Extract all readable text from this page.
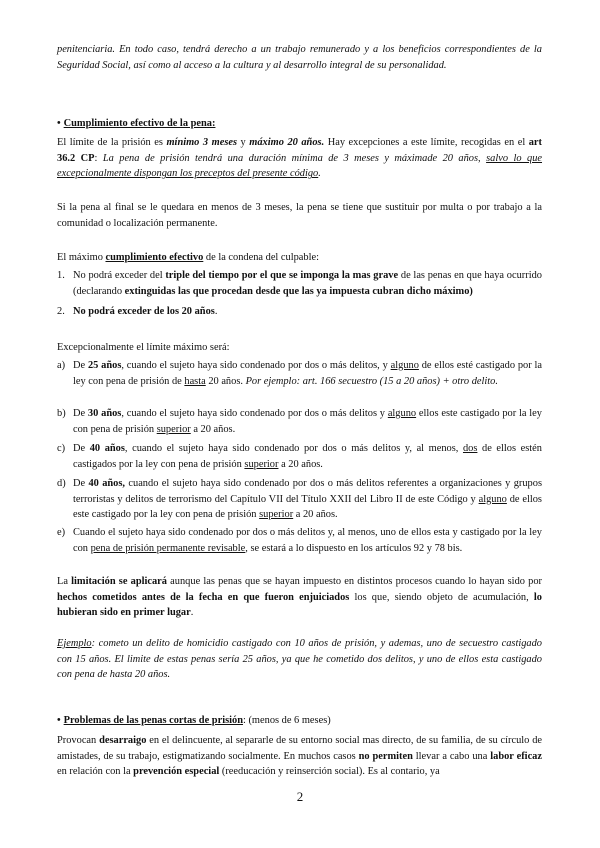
penitenciaria. En todo caso, tendrá derecho a un trabajo remunerado y a los beneficios correspondientes de la Seguridad Social, así como al acceso a la cultura y al desarrollo integral de su personalidad.

• Cumplimiento efectivo de la pena:

El límite de la prisión es mínimo 3 meses y máximo 20 años. Hay excepciones a este límite, recogidas en el art 36.2 CP: La pena de prisión tendrá una duración mínima de 3 meses y máximade 20 años, salvo lo que excepcionalmente dispongan los preceptos del presente código.

Si la pena al final se le quedara en menos de 3 meses, la pena se tiene que sustituir por multa o por trabajo a la comunidad o localización permanente.

El máximo cumplimiento efectivo de la condena del culpable:

1. No podrá exceder del triple del tiempo por el que se imponga la mas grave de las penas en que haya ocurrido (declarando extinguidas las que procedan desde que las ya impuesta cubran dicho máximo)
2. No podrá exceder de los 20 años.

Excepcionalmente el límite máximo será:

a) De 25 años, cuando el sujeto haya sido condenado por dos o más delitos, y alguno de ellos esté castigado por la ley con pena de prisión de hasta 20 años. Por ejemplo: art. 166 secuestro (15 a 20 años) + otro delito.
b) De 30 años, cuando el sujeto haya sido condenado por dos o más delitos y alguno ellos este castigado por la ley con pena de prisión superior a 20 años.
c) De 40 años, cuando el sujeto haya sido condenado por dos o más delitos y, al menos, dos de ellos estén castigados por la ley con pena de prisión superior a 20 años.
d) De 40 años, cuando el sujeto haya sido condenado por dos o más delitos referentes a organizaciones y grupos terroristas y delitos de terrorismo del Capítulo VII del Título XXII del Libro II de este Código y alguno de ellos este castigado por la ley con pena de prisión superior a 20 años.
e) Cuando el sujeto haya sido condenado por dos o más delitos y, al menos, uno de ellos esta y castigado por la ley con pena de prisión permanente revisable, se estará a lo dispuesto en los artículos 92 y 78 bis.

La limitación se aplicará aunque las penas que se hayan impuesto en distintos procesos cuando lo hayan sido por hechos cometidos antes de la fecha en que fueron enjuiciados los que, siendo objeto de acumulación, lo hubieran sido en primer lugar.

Ejemplo: cometo un delito de homicidio castigado con 10 años de prisión, y ademas, uno de secuestro castigado con 15 años. El limite de estas penas sería 25 años, ya que he cometido dos delitos, y uno de ellos esta castigado con pena de hasta 20 años.

• Problemas de las penas cortas de prisión: (menos de 6 meses)

Provocan desarraigo en el delincuente, al separarle de su entorno social mas directo, de su familia, de su círculo de amistades, de su trabajo, estigmatizando socialmente. En muchos casos no permiten llevar a cabo una labor eficaz en relación con la prevención especial (reeducación y reinserción social). Es al contario, ya

2
